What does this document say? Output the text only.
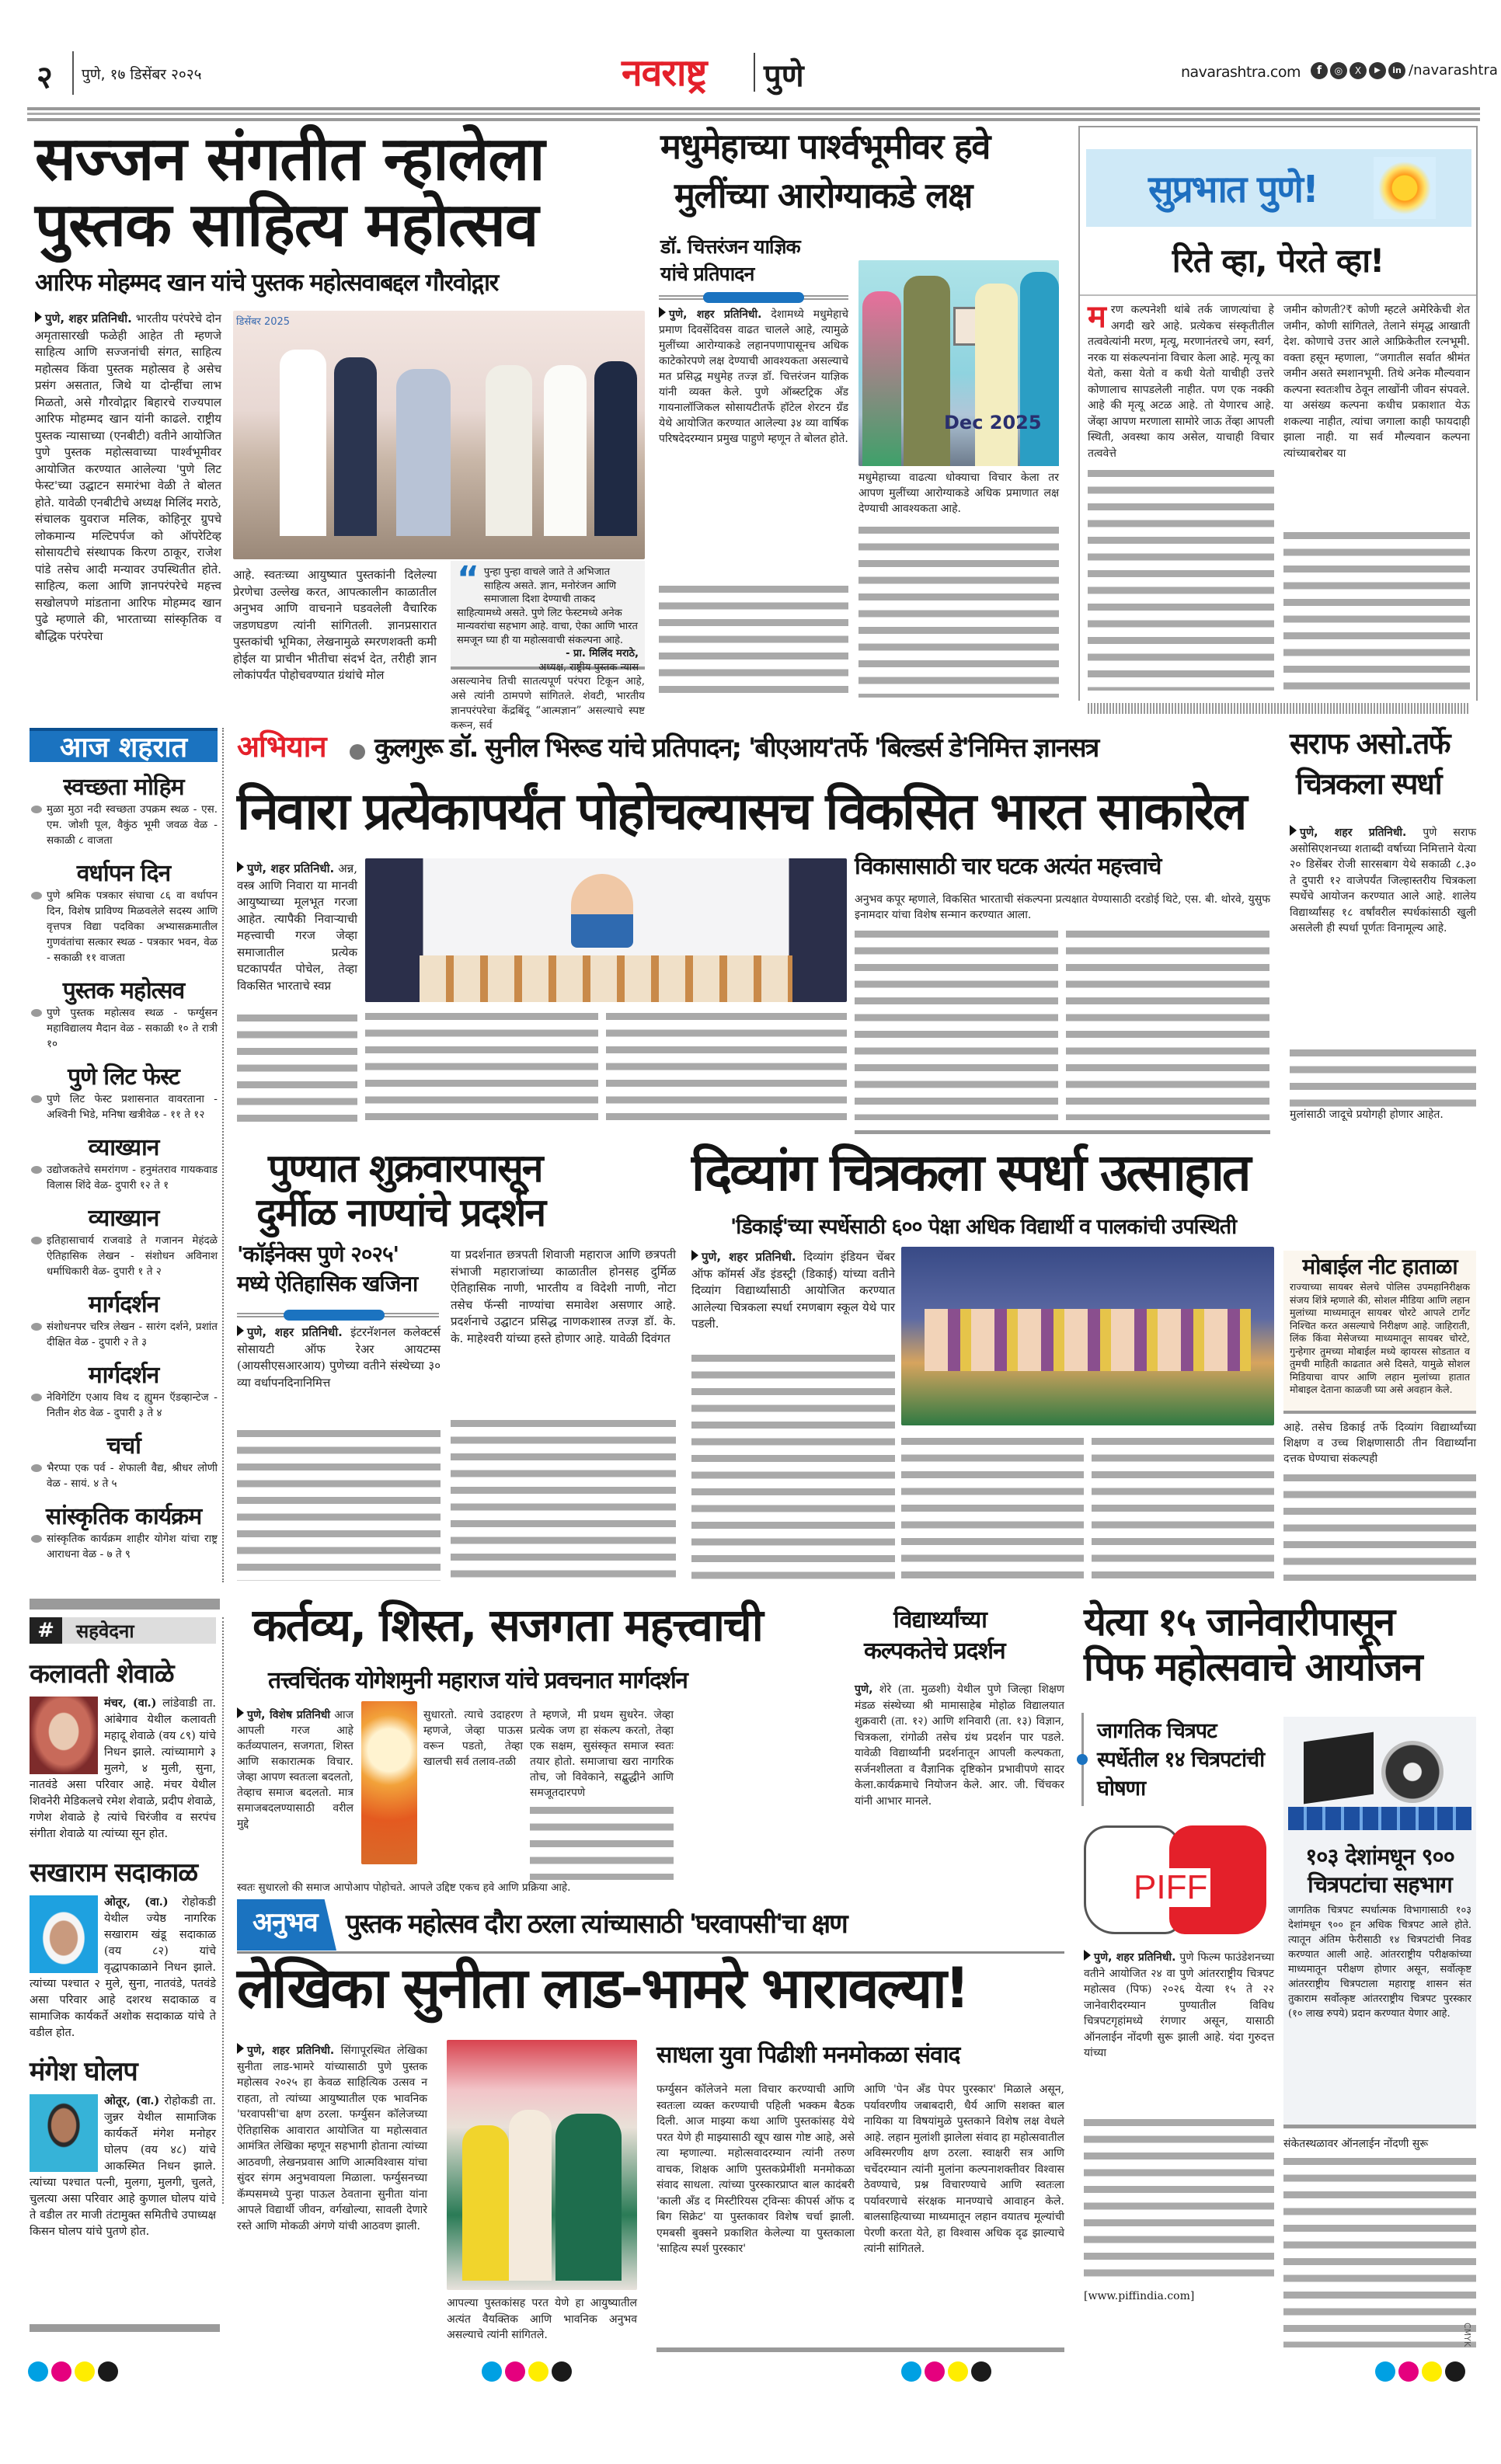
२ पुणे, १७ डिसेंबर २०२५	नवराष्ट्र पुणे	navarashtra.com	f	◎	X	▶	in /navarashtra
सज्जन संगतीत न्हालेला
पुस्तक साहित्य महोत्सव
आरिफ मोहम्मद खान यांचे पुस्तक महोत्सवाबद्दल गौरवोद्गार
पुणे, शहर प्रतिनिधी. भारतीय परंपरेचे दोन अमृतासारखी फळेही आहेत ती म्हणजे साहित्य आणि सज्जनांची संगत, साहित्य महोत्सव किंवा पुस्तक महोत्सव हे असेच प्रसंग असतात, जिथे या दोन्हींचा लाभ मिळतो, असे गौरवोद्गार बिहारचे राज्यपाल आरिफ मोहम्मद खान यांनी काढले. राष्ट्रीय पुस्तक न्यासाच्या (एनबीटी) वतीने आयोजित पुणे पुस्तक महोत्सवाच्या पार्श्वभूमीवर आयोजित करण्यात आलेल्या 'पुणे लिट फेस्ट'च्या उद्घाटन समारंभा वेळी ते बोलत होते. यावेळी एनबीटीचे अध्यक्ष मिलिंद मराठे, संचालक युवराज मलिक, कोहिनूर ग्रुपचे लोकमान्य मल्टिपर्पज को ऑपरेटिव्ह सोसायटीचे संस्थापक किरण ठाकूर, राजेश पांडे तसेच आदी मन्यावर उपस्थितीत होते. साहित्य, कला आणि ज्ञानपरंपरेचे महत्त्व सखोलपणे मांडताना आरिफ मोहम्मद खान पुढे म्हणाले की, भारताच्या सांस्कृतिक व बौद्धिक परंपरेचा
डिसेंबर 2025
“ पुन्हा पुन्हा वाचले जाते ते अभिजात साहित्य असते. ज्ञान, मनोरंजन आणि समाजाला दिशा देण्याची ताकद साहित्यामध्ये असते. पुणे लिट फेस्टमध्ये अनेक मान्यवरांचा सहभाग आहे. वाचा, ऐका आणि भारत समजून घ्या ही या महोत्सवाची संकल्पना आहे.
- प्रा. मिलिंद मराठे,
अध्यक्ष, राष्ट्रीय पुस्तक न्यास
आहे. स्वतःच्या आयुष्यात पुस्तकांनी दिलेल्या प्रेरणेचा उल्लेख करत, आपत्कालीन काळातील अनुभव आणि वाचनाने घडवलेली वैचारिक जडणघडण त्यांनी सांगितली. ज्ञानप्रसारात पुस्तकांची भूमिका, लेखनामुळे स्मरणशक्ती कमी होईल या प्राचीन भीतीचा संदर्भ देत, तरीही ज्ञान लोकांपर्यंत पोहोचवण्यात ग्रंथांचे मोल	असल्यानेच तिची सातत्यपूर्ण परंपरा टिकून आहे, असे त्यांनी ठामपणे सांगितले. शेवटी, भारतीय ज्ञानपरंपरेचा केंद्रबिंदू “आत्मज्ञान” असल्याचे स्पष्ट करून, सर्व
मधुमेहाच्या पार्श्वभूमीवर हवे
मुलींच्या आरोग्याकडे लक्ष
डॉ. चित्तरंजन याज्ञिक
यांचे प्रतिपादन
पुणे, शहर प्रतिनिधी. देशामध्ये मधुमेहाचे प्रमाण दिवसेंदिवस वाढत चालले आहे, त्यामुळे मुलींच्या आरोग्याकडे लहानपणापासूनच अधिक काटेकोरपणे लक्ष देण्याची आवश्यकता असल्याचे मत प्रसिद्ध मधुमेह तज्ज्ञ डॉ. चित्तरंजन याज्ञिक यांनी व्यक्त केले. पुणे ऑब्स्टट्रिक अँड गायनालॉजिकल सोसायटीतर्फे हॉटेल शेरटन ग्रँड येथे आयोजित करण्यात आलेल्या ३४ व्या वार्षिक परिषदेदरम्यान प्रमुख पाहुणे म्हणून ते बोलत होते.
Dec 2025
मधुमेहाच्या वाढत्या धोक्याचा विचार केला तर आपण मुलींच्या आरोग्याकडे अधिक प्रमाणात लक्ष देण्याची आवश्यकता आहे.
सुप्रभात पुणे!
रिते व्हा, पेरते व्हा!
मरण कल्पनेशी थांबे तर्क जाणत्यांचा हे अगदी खरे आहे. प्रत्येकच संस्कृतीतील तत्ववेत्यांनी मरण, मृत्यू, मरणानंतरचे जग, स्वर्ग, नरक या संकल्पनांना विचार केला आहे. मृत्यू का येतो, कसा येतो व कधी येतो याचीही उत्तरे कोणालाच सापडलेली नाहीत. पण एक नक्की आहे की मृत्यू अटळ आहे. तो येणारच आहे. जेंव्हा आपण मरणाला सामोरे जाऊ तेंव्हा आपली स्थिती, अवस्था काय असेल, याचाही विचार तत्ववेत्ते
जमीन कोणती?₹ कोणी म्हटले अमेरिकेची शेत जमीन, कोणी सांगितले, तेलाने संमृद्ध आखाती देश. कोणाचे उत्तर आले आफ्रिकेतील रत्नभूमी. वक्ता हसून म्हणाला, “जगातील सर्वात श्रीमंत जमीन असते स्मशानभूमी. तिथे अनेक मौल्यवान कल्पना स्वतःशीच ठेवून लाखोंनी जीवन संपवले. या असंख्य कल्पना कधीच प्रकाशात येऊ शकल्या नाहीत, त्यांचा जगाला काही फायदाही झाला नाही. या सर्व मौल्यवान कल्पना त्यांच्याबरोबर या
आज शहरात
स्वच्छता मोहिम
मुळा मुठा नदी स्वच्छता उपक्रम स्थळ - एस. एम. जोशी पूल, वैकुंठ भूमी जवळ वेळ - सकाळी ८ वाजता
वर्धापन दिन
पुणे श्रमिक पत्रकार संघाचा ८६ वा वर्धापन दिन, विशेष प्राविण्य मिळवलेले सदस्य आणि वृत्तपत्र विद्या पदविका अभ्यासक्रमातील गुणवंतांचा सत्कार स्थळ - पत्रकार भवन, वेळ - सकाळी ११ वाजता
पुस्तक महोत्सव
पुणे पुस्तक महोत्सव स्थळ - फर्ग्युसन महाविद्यालय मैदान वेळ - सकाळी १० ते रात्री १०
पुणे लिट फेस्ट
पुणे लिट फेस्ट प्रशासनात वावरताना - अश्विनी भिडे, मनिषा खत्रीवेळ - ११ ते १२
व्याख्यान
उद्योजकतेचे समरांगण - हनुमंतराव गायकवाड विलास शिंदे वेळ- दुपारी १२ ते १
व्याख्यान
इतिहासाचार्य राजवाडे ते गजानन मेहंदळे ऐतिहासिक लेखन - संशोधन अविनाश धर्माधिकारी वेळ- दुपारी १ ते २
मार्गदर्शन
संशोधनपर चरित्र लेखन - सारंग दर्शने, प्रशांत दीक्षित वेळ - दुपारी २ ते ३
मार्गदर्शन
नेविगेटिंग एआय विथ द ह्युमन ऍडव्हान्टेज - नितीन शेठ वेळ - दुपारी ३ ते ४
चर्चा
भैरप्पा एक पर्व - शेफाली वैद्य, श्रीधर लोणी वेळ - सायं. ४ ते ५
सांस्कृतिक कार्यक्रम
सांस्कृतिक कार्यक्रम शाहीर योगेश यांचा राष्ट्र आराधना वेळ - ७ ते ९
अभियान कुलगुरू डॉ. सुनील भिरूड यांचे प्रतिपादन; 'बीएआय'तर्फे 'बिल्डर्स डे'निमित्त ज्ञानसत्र
निवारा प्रत्येकापर्यंत पोहोचल्यासच विकसित भारत साकारेल
पुणे, शहर प्रतिनिधी. अन्न, वस्त्र आणि निवारा या मानवी आयुष्याच्या मूलभूत गरजा आहेत. त्यापैकी निवाऱ्याची महत्त्वाची गरज जेव्हा समाजातील प्रत्येक घटकापर्यंत पोचेल, तेव्हा विकसित भारताचे स्वप्न
विकासासाठी चार घटक अत्यंत महत्त्वाचे
अनुभव कपूर म्हणाले, विकसित भारताची संकल्पना प्रत्यक्षात येण्यासाठी दरडोई थिटे, एस. बी. थोरवे, युसुफ इनामदार यांचा विशेष सन्मान करण्यात आला.
सराफ असो.तर्फे
चित्रकला स्पर्धा
पुणे, शहर प्रतिनिधी. पुणे सराफ असोसिएशनच्या शताब्दी वर्षाच्या निमित्ताने येत्या २० डिसेंबर रोजी सारसबाग येथे सकाळी ८.३० ते दुपारी १२ वाजेपर्यंत जिल्हास्तरीय चित्रकला स्पर्धेचे आयोजन करण्यात आले आहे. शालेय विद्यार्थ्यांसह १८ वर्षांवरील स्पर्धकांसाठी खुली असलेली ही स्पर्धा पूर्णतः विनामूल्य आहे.
मुलांसाठी जादूचे प्रयोगही होणार आहेत.
पुण्यात शुक्रवारपासून
दुर्मीळ नाण्यांचे प्रदर्शन
'कॉईनेक्स पुणे २०२५'
मध्ये ऐतिहासिक खजिना
पुणे, शहर प्रतिनिधी. इंटरनॅशनल कलेक्टर्स सोसायटी ऑफ रेअर आयटम्स (आयसीएसआरआय) पुणेच्या वतीने संस्थेच्या ३० व्या वर्धापनदिनानिमित्त
या प्रदर्शनात छत्रपती शिवाजी महाराज आणि छत्रपती संभाजी महाराजांच्या काळातील होनसह दुर्मिळ ऐतिहासिक नाणी, भारतीय व विदेशी नाणी, नोटा तसेच फॅन्सी नाण्यांचा समावेश असणार आहे. प्रदर्शनाचे उद्घाटन प्रसिद्ध नाणकशास्त्र तज्ज्ञ डॉ. के. के. माहेश्वरी यांच्या हस्ते होणार आहे. यावेळी दिवंगत
दिव्यांग चित्रकला स्पर्धा उत्साहात
'डिकाई'च्या स्पर्धेसाठी ६०० पेक्षा अधिक विद्यार्थी व पालकांची उपस्थिती
पुणे, शहर प्रतिनिधी. दिव्यांग इंडियन चेंबर ऑफ कॉमर्स अँड इंडस्ट्री (डिकाई) यांच्या वतीने दिव्यांग विद्यार्थ्यांसाठी आयोजित करण्यात आलेल्या चित्रकला स्पर्धा रमणबाग स्कूल येथे पार पडली.
मोबाईल नीट हाताळा
राज्याच्या सायबर सेलचे पोलिस उपमहानिरीक्षक संजय शिंत्रे म्हणाले की, सोशल मीडिया आणि लहान मुलांच्या माध्यमातून सायबर चोरटे आपले टार्गेट निश्चित करत असल्याचे निरीक्षण आहे. जाहिराती, लिंक किंवा मेसेजच्या माध्यमातून सायबर चोरटे, गुन्हेगार तुमच्या मोबाईल मध्ये व्हायरस सोडतात व तुमची माहिती काढतात असे दिसते, यामुळे सोशल मिडियाचा वापर आणि लहान मुलांच्या हातात मोबाइल देताना काळजी घ्या असे अवहान केले.
आहे. तसेच डिकाई तर्फे दिव्यांग विद्यार्थ्यांच्या शिक्षण व उच्च शिक्षणासाठी तीन विद्यार्थ्यांना दत्तक घेण्याचा संकल्पही
#	सहवेदना
कलावती शेवाळे
मंचर, (वा.) लांडेवाडी ता. आंबेगाव येथील कलावती महादू शेवाळे (वय ८९) यांचे निधन झाले. त्यांच्यामागे ३ मुलगे, ४ मुली, सुना, नातवंडे असा परिवार आहे. मंचर येथील शिवनेरी मेडिकलचे रमेश शेवाळे, प्रदीप शेवाळे, गणेश शेवाळे हे त्यांचे चिरंजीव व सरपंच संगीता शेवाळे या त्यांच्या सून होत.
सखाराम सदाकाळ
ओतूर, (वा.) रोहोकडी येथील ज्येष्ठ नागरिक सखाराम खंडू सदाकाळ (वय ८२) यांचे वृद्धापकाळाने निधन झाले. त्यांच्या पश्चात २ मुले, सुना, नातवंडे, पतवंडे असा परिवार आहे दशरथ सदाकाळ व सामाजिक कार्यकर्ते अशोक सदाकाळ यांचे ते वडील होत.
मंगेश घोलप
ओतूर, (वा.) रोहोकडी ता. जुन्नर येथील सामाजिक कार्यकर्ते मंगेश मनोहर घोलप (वय ४८) यांचे आकस्मित निधन झाले. त्यांच्या पश्चात पत्नी, मुलगा, मुलगी, चुलते, चुलत्या असा परिवार आहे कुणाल घोलप यांचे ते वडील तर माजी तंटामुक्त समितीचे उपाध्यक्ष किसन घोलप यांचे पुतणे होत.
कर्तव्य, शिस्त, सजगता महत्त्वाची
तत्त्वचिंतक योगेशमुनी महाराज यांचे प्रवचनात मार्गदर्शन
पुणे, विशेष प्रतिनिधी आज आपली गरज आहे कर्तव्यपालन, सजगता, शिस्त आणि सकारात्मक विचार. जेव्हा आपण स्वतःला बदलतो, तेव्हाच समाज बदलतो. मात्र समाजबदलण्यासाठी वरील मुद्दे
सुधारतो. त्याचे उदाहरण म्हणजे, जेव्हा पाऊस वरून पडतो, तेव्हा खालची सर्व तलाव-तळी
ते म्हणजे, मी प्रथम सुधरेन. जेव्हा प्रत्येक जण हा संकल्प करतो, तेव्हा एक सक्षम, सुसंस्कृत समाज स्वतः तयार होतो. समाजाचा खरा नागरिक तोच, जो विवेकाने, सद्बुद्धीने आणि समजूतदारपणे
स्वतः सुधारलो की समाज आपोआप पोहोचते. आपले उद्दिष्ट एकच हवे आणि प्रक्रिया आहे.
विद्यार्थ्यांच्या
कल्पकतेचे प्रदर्शन
पुणे, शेरे (ता. मुळशी) येथील पुणे जिल्हा शिक्षण मंडळ संस्थेच्या श्री मामासाहेब मोहोळ विद्यालयात शुक्रवारी (ता. १२) आणि शनिवारी (ता. १३) विज्ञान, चित्रकला, रांगोळी तसेच ग्रंथ प्रदर्शन पार पडले. यावेळी विद्यार्थ्यांनी प्रदर्शनातून आपली कल्पकता, सर्जनशीलता व वैज्ञानिक दृष्टिकोन प्रभावीपणे सादर केला.कार्यक्रमाचे नियोजन केले. आर. जी. चिंचकर यांनी आभार मानले.
येत्या १५ जानेवारीपासून
पिफ महोत्सवाचे आयोजन
जागतिक चित्रपट स्पर्धेतील १४ चित्रपटांची घोषणा
PIFF
पुणे, शहर प्रतिनिधी. पुणे फिल्म फाउंडेशनच्या वतीने आयोजित २४ वा पुणे आंतरराष्ट्रीय चित्रपट महोत्सव (पिफ) २०२६ येत्या १५ ते २२ जानेवारीदरम्यान पुण्यातील विविध चित्रपटगृहांमध्ये रंगणार असून, यासाठी ऑनलाईन नोंदणी सुरू झाली आहे. यंदा गुरुदत्त यांच्या
[www.piffindia.com]
१०३ देशांमधून ९०० चित्रपटांचा सहभाग
जागतिक चित्रपट स्पर्धात्मक विभागासाठी १०३ देशांमधून ९०० हून अधिक चित्रपट आले होते. त्यातून अंतिम फेरीसाठी १४ चित्रपटांची निवड करण्यात आली आहे. आंतरराष्ट्रीय परीक्षकांच्या माध्यमातून परीक्षण होणार असून, सर्वोत्कृष्ट आंतरराष्ट्रीय चित्रपटाला महाराष्ट्र शासन संत तुकाराम सर्वोत्कृष्ट आंतरराष्ट्रीय चित्रपट पुरस्कार (१० लाख रुपये) प्रदान करण्यात येणार आहे.
संकेतस्थळावर ऑनलाईन नोंदणी सुरू
अनुभव पुस्तक महोत्सव दौरा ठरला त्यांच्यासाठी 'घरवापसी'चा क्षण
लेखिका सुनीता लाड-भामरे भारावल्या!
पुणे, शहर प्रतिनिधी. सिंगापूरस्थित लेखिका सुनीता लाड-भामरे यांच्यासाठी पुणे पुस्तक महोत्सव २०२५ हा केवळ साहित्यिक उत्सव न राहता, तो त्यांच्या आयुष्यातील एक भावनिक 'घरवापसी'चा क्षण ठरला. फर्ग्युसन कॉलेजच्या ऐतिहासिक आवारात आयोजित या महोत्सवात आमंत्रित लेखिका म्हणून सहभागी होताना त्यांच्या आठवणी, लेखनप्रवास आणि आत्मविश्वास यांचा सुंदर संगम अनुभवायला मिळाला. फर्ग्युसनच्या कॅम्पसमध्ये पुन्हा पाऊल ठेवताना सुनीता यांना आपले विद्यार्थी जीवन, वर्गखोल्या, सावली देणारे रस्ते आणि मोकळी अंगणे यांची आठवण झाली.
आपल्या पुस्तकांसह परत येणे हा आयुष्यातील अत्यंत वैयक्तिक आणि भावनिक अनुभव असल्याचे त्यांनी सांगितले.
साधला युवा पिढीशी मनमोकळा संवाद
फर्ग्युसन कॉलेजने मला विचार करण्याची आणि स्वतःला व्यक्त करण्याची पहिली भक्कम बैठक दिली. आज माझ्या कथा आणि पुस्तकांसह येथे परत येणे ही माझ्यासाठी खूप खास गोष्ट आहे, असे त्या म्हणाल्या. महोत्सवादरम्यान त्यांनी तरुण वाचक, शिक्षक आणि पुस्तकप्रेमींशी मनमोकळा संवाद साधला. त्यांच्या पुरस्कारप्राप्त बाल कादंबरी 'काली अँड द मिस्टीरियस ट्विन्सः कीपर्स ऑफ द बिग सिक्रेट' या पुस्तकावर विशेष चर्चा झाली. एमबसी बुक्सने प्रकाशित केलेल्या या पुस्तकाला 'साहित्य स्पर्श पुरस्कार'
आणि 'पेन अँड पेपर पुरस्कार' मिळाले असून, पर्यावरणीय जबाबदारी, धैर्य आणि सशक्त बाल नायिका या विषयांमुळे पुस्तकाने विशेष लक्ष वेधले आहे. लहान मुलांशी झालेला संवाद हा महोत्सवातील अविस्मरणीय क्षण ठरला. स्वाक्षरी सत्र आणि चर्चेदरम्यान त्यांनी मुलांना कल्पनाशक्तीवर विश्वास ठेवण्याचे, प्रश्न विचारण्याचे आणि स्वतःला पर्यावरणाचे संरक्षक मानण्याचे आवाहन केले. बालसाहित्याच्या माध्यमातून लहान वयातच मूल्यांची पेरणी करता येते, हा विश्वास अधिक दृढ झाल्याचे त्यांनी सांगितले.
CMYK
